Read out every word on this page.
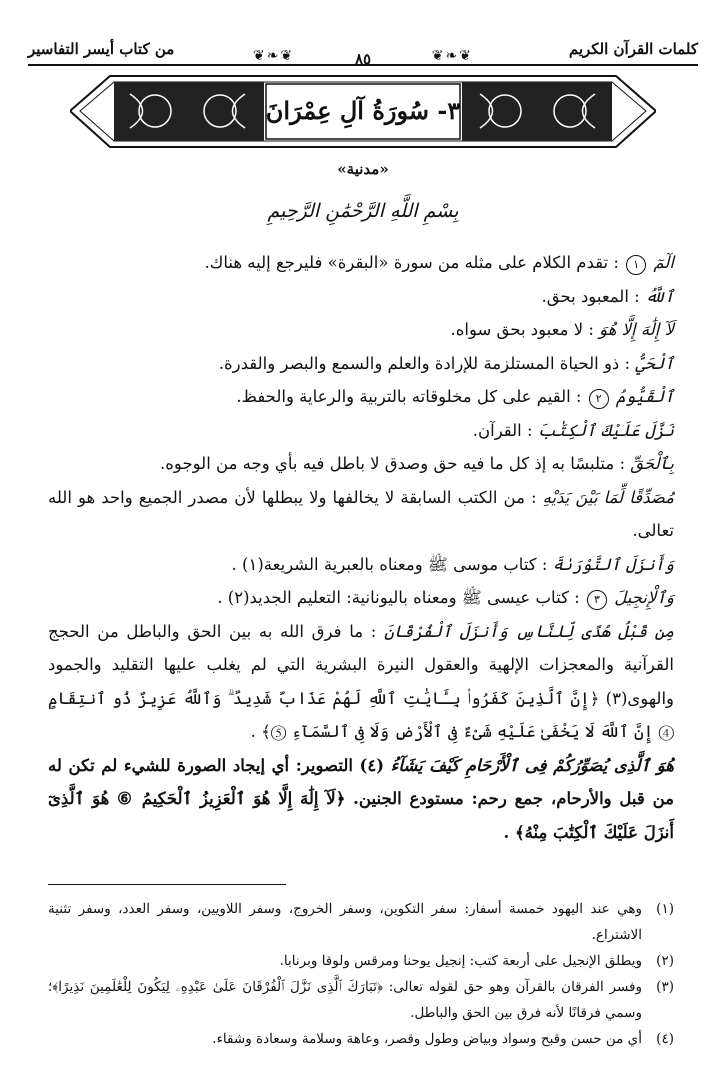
كلمات القرآن الكريم
❦❧❦
٨٥
❦❧❦
من كتاب أيسر التفاسير
٣- سُورَةُ آلِ عِمْرَانَ
«مدنية»
بِسْمِ اللَّهِ الرَّحْمَٰنِ الرَّحِيمِ

الٓمٓ ١ : تقدم الكلام على مثله من سورة «البقرة» فليرجع إليه هناك.

ٱللَّهُ : المعبود بحق.

لَآ إِلَٰهَ إِلَّا هُوَ : لا معبود بحق سواه.

ٱلْحَيُّ : ذو الحياة المستلزمة للإرادة والعلم والسمع والبصر والقدرة.

ٱلْقَيُّومُ ٢ : القيم على كل مخلوقاته بالتربية والرعاية والحفظ.

نَزَّلَ عَلَيْكَ ٱلْكِتَٰبَ : القرآن.

بِٱلْحَقِّ : متلبسًا به إذ كل ما فيه حق وصدق لا باطل فيه بأي وجه من الوجوه.

مُصَدِّقًا لِّمَا بَيْنَ يَدَيْهِ : من الكتب السابقة لا يخالفها ولا يبطلها لأن مصدر الجميع واحد هو الله تعالى.

وَأَنزَلَ ٱلتَّوْرَىٰةَ : كتاب موسى ﷺ ومعناه بالعبرية الشريعة(١) .

وَٱلْإِنجِيلَ ٣ : كتاب عيسى ﷺ ومعناه باليونانية: التعليم الجديد(٢) .

مِن قَبْلُ هُدًى لِّلنَّاسِ وَأَنزَلَ ٱلْفُرْقَانَ : ما فرق الله به بين الحق والباطل من الحجج القرآنية والمعجزات الإلهية والعقول النيرة البشرية التي لم يغلب عليها التقليد والجمود والهوى(٣) ﴿إِنَّ ٱلَّذِينَ كَفَرُوا۟ بِـَٔايَٰتِ ٱللَّهِ لَهُمْ عَذَابٌ شَدِيدٌ ۗ وَٱللَّهُ عَزِيزٌ ذُو ٱنتِقَامٍ ④ إِنَّ ٱللَّهَ لَا يَخْفَىٰ عَلَيْهِ شَىْءٌ فِى ٱلْأَرْضِ وَلَا فِى ٱلسَّمَآءِ ⑤﴾ .

هُوَ ٱلَّذِى يُصَوِّرُكُمْ فِى ٱلْأَرْحَامِ كَيْفَ يَشَآءُ (٤) التصوير: أي إيجاد الصورة للشيء لم تكن له من قبل والأرحام، جمع رحم: مستودع الجنين. ﴿لَآ إِلَٰهَ إِلَّا هُوَ ٱلْعَزِيزُ ٱلْحَكِيمُ ⑥ هُوَ ٱلَّذِىٓ أَنزَلَ عَلَيْكَ ٱلْكِتَٰبَ مِنْهُ﴾ .

(١)
وهي عند اليهود خمسة أسفار: سفر التكوين، وسفر الخروج، وسفر اللاويين، وسفر العدد، وسفر تثنية الاشتراع.

(٢)
ويطلق الإنجيل على أربعة كتب: إنجيل يوحنا ومرقس ولوقا وبرنابا.

(٣)
وفسر الفرقان بالقرآن وهو حق لقوله تعالى: ﴿تَبَارَكَ ٱلَّذِى نَزَّلَ ٱلْفُرْقَانَ عَلَىٰ عَبْدِهِۦ لِيَكُونَ لِلْعَٰلَمِينَ نَذِيرًا﴾؛ وسمي فرقانًا لأنه فرق بين الحق والباطل.

(٤)
أي من حسن وقبح وسواد وبياض وطول وقصر، وعاهة وسلامة وسعادة وشقاء.
